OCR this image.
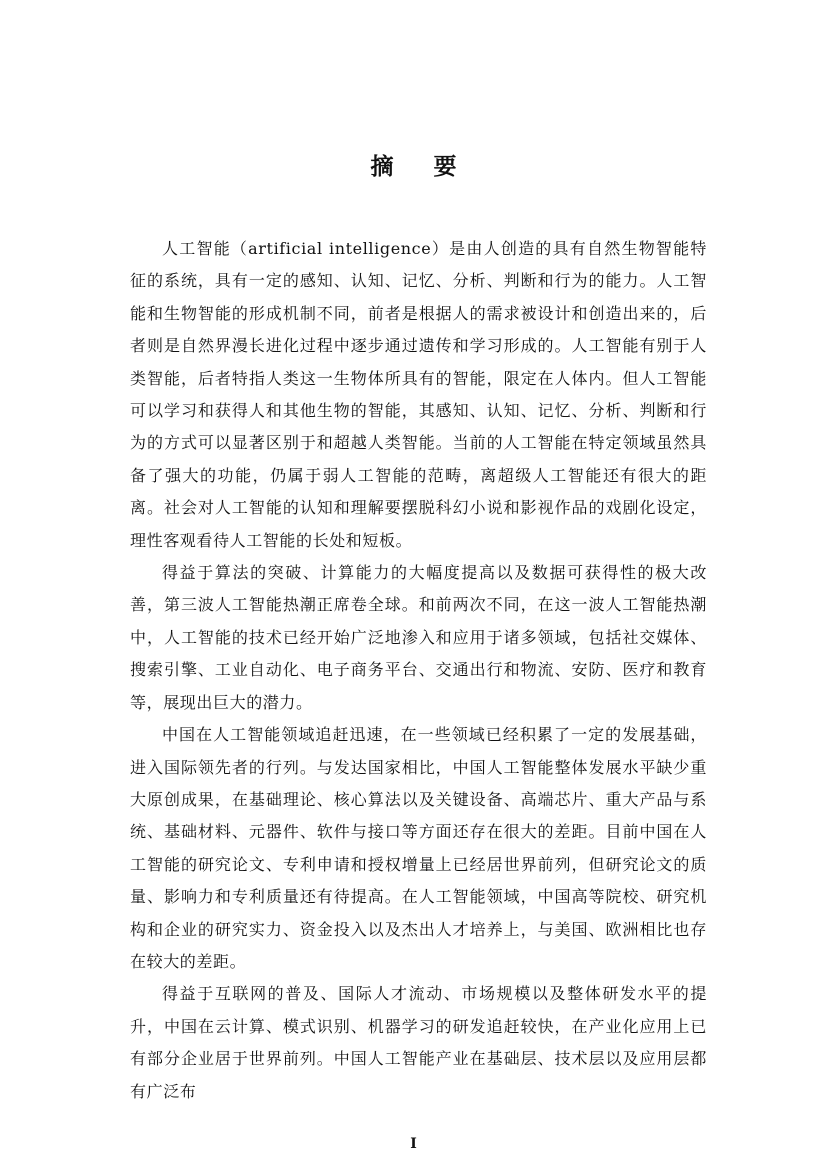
摘 要

人工智能（artificial intelligence）是由人创造的具有自然生物智能特征的系统，具有一定的感知、认知、记忆、分析、判断和行为的能力。人工智能和生物智能的形成机制不同，前者是根据人的需求被设计和创造出来的，后者则是自然界漫长进化过程中逐步通过遗传和学习形成的。人工智能有别于人类智能，后者特指人类这一生物体所具有的智能，限定在人体内。但人工智能可以学习和获得人和其他生物的智能，其感知、认知、记忆、分析、判断和行为的方式可以显著区别于和超越人类智能。当前的人工智能在特定领域虽然具备了强大的功能，仍属于弱人工智能的范畴，离超级人工智能还有很大的距离。社会对人工智能的认知和理解要摆脱科幻小说和影视作品的戏剧化设定，理性客观看待人工智能的长处和短板。

得益于算法的突破、计算能力的大幅度提高以及数据可获得性的极大改善，第三波人工智能热潮正席卷全球。和前两次不同，在这一波人工智能热潮中，人工智能的技术已经开始广泛地渗入和应用于诸多领域，包括社交媒体、搜索引擎、工业自动化、电子商务平台、交通出行和物流、安防、医疗和教育等，展现出巨大的潜力。

中国在人工智能领域追赶迅速，在一些领域已经积累了一定的发展基础，进入国际领先者的行列。与发达国家相比，中国人工智能整体发展水平缺少重大原创成果，在基础理论、核心算法以及关键设备、高端芯片、重大产品与系统、基础材料、元器件、软件与接口等方面还存在很大的差距。目前中国在人工智能的研究论文、专利申请和授权增量上已经居世界前列，但研究论文的质量、影响力和专利质量还有待提高。在人工智能领域，中国高等院校、研究机构和企业的研究实力、资金投入以及杰出人才培养上，与美国、欧洲相比也存在较大的差距。

得益于互联网的普及、国际人才流动、市场规模以及整体研发水平的提升，中国在云计算、模式识别、机器学习的研发追赶较快，在产业化应用上已有部分企业居于世界前列。中国人工智能产业在基础层、技术层以及应用层都有广泛布

I
